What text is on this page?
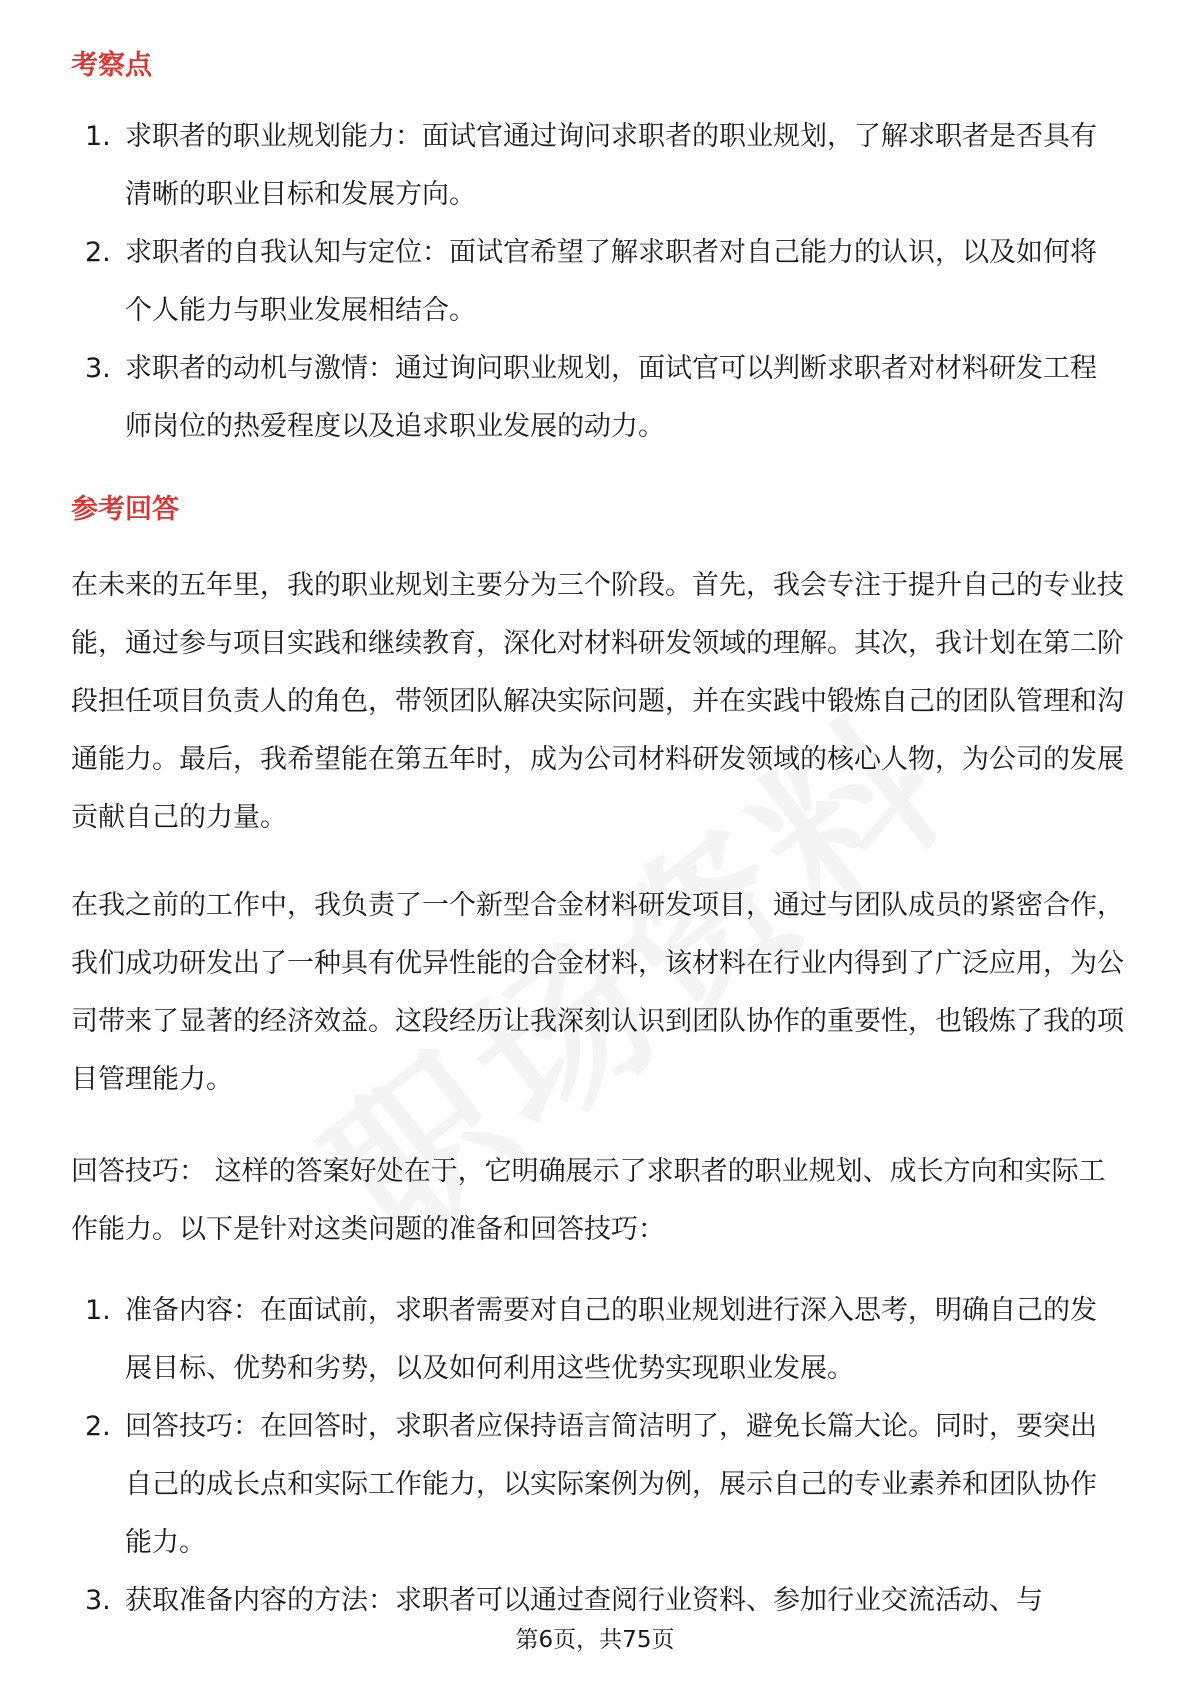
考察点
1. 求职者的职业规划能力：面试官通过询问求职者的职业规划，了解求职者是否具有清晰的职业目标和发展方向。
2. 求职者的自我认知与定位：面试官希望了解求职者对自己能力的认识，以及如何将个人能力与职业发展相结合。
3. 求职者的动机与激情：通过询问职业规划，面试官可以判断求职者对材料研发工程师岗位的热爱程度以及追求职业发展的动力。
参考回答

在未来的五年里，我的职业规划主要分为三个阶段。首先，我会专注于提升自己的专业技能，通过参与项目实践和继续教育，深化对材料研发领域的理解。其次，我计划在第二阶段担任项目负责人的角色，带领团队解决实际问题，并在实践中锻炼自己的团队管理和沟通能力。最后，我希望能在第五年时，成为公司材料研发领域的核心人物，为公司的发展贡献自己的力量。

在我之前的工作中，我负责了一个新型合金材料研发项目，通过与团队成员的紧密合作，我们成功研发出了一种具有优异性能的合金材料，该材料在行业内得到了广泛应用，为公司带来了显著的经济效益。这段经历让我深刻认识到团队协作的重要性，也锻炼了我的项目管理能力。

回答技巧： 这样的答案好处在于，它明确展示了求职者的职业规划、成长方向和实际工作能力。以下是针对这类问题的准备和回答技巧：

1. 准备内容：在面试前，求职者需要对自己的职业规划进行深入思考，明确自己的发展目标、优势和劣势，以及如何利用这些优势实现职业发展。
2. 回答技巧：在回答时，求职者应保持语言简洁明了，避免长篇大论。同时，要突出自己的成长点和实际工作能力，以实际案例为例，展示自己的专业素养和团队协作能力。
3. 获取准备内容的方法：求职者可以通过查阅行业资料、参加行业交流活动、与

第6页，共75页
